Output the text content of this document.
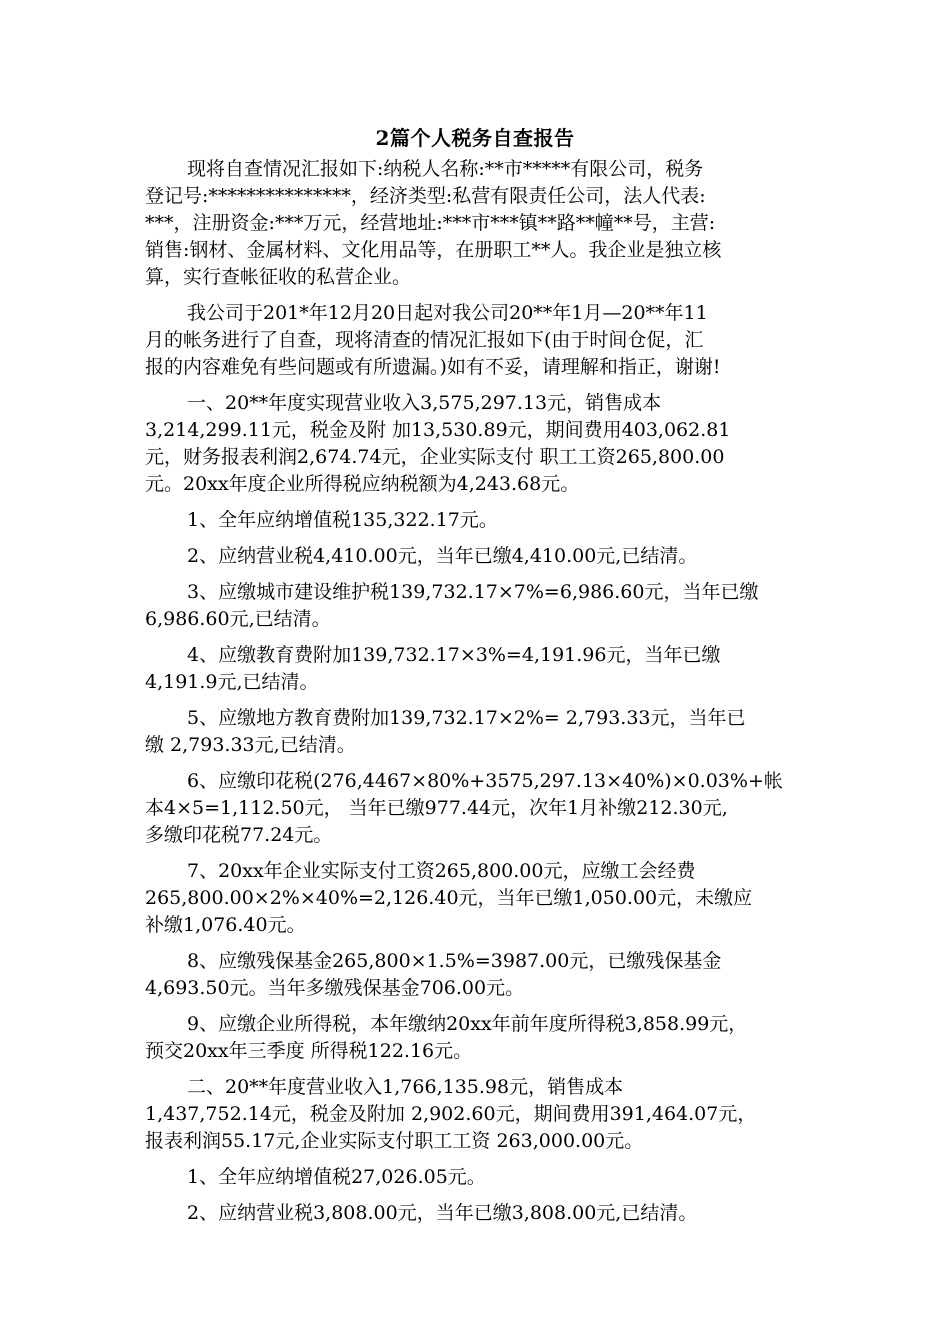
2篇个人税务自查报告
现将自查情况汇报如下:纳税人名称:**市*****有限公司，税务
登记号:***************，经济类型:私营有限责任公司，法人代表:
***，注册资金:***万元，经营地址:***市***镇**路**幢**号，主营:
销售:钢材、金属材料、文化用品等，在册职工**人。我企业是独立核
算，实行查帐征收的私营企业。
我公司于201*年12月20日起对我公司20**年1月—20**年11
月的帐务进行了自查，现将清查的情况汇报如下(由于时间仓促，汇
报的内容难免有些问题或有所遗漏。)如有不妥，请理解和指正，谢谢!
一、20**年度实现营业收入3,575,297.13元，销售成本
3,214,299.11元，税金及附 加13,530.89元，期间费用403,062.81
元，财务报表利润2,674.74元，企业实际支付 职工工资265,800.00
元。20xx年度企业所得税应纳税额为4,243.68元。
1、全年应纳增值税135,322.17元。
2、应纳营业税4,410.00元，当年已缴4,410.00元,已结清。
3、应缴城市建设维护税139,732.17×7%=6,986.60元，当年已缴
6,986.60元,已结清。
4、应缴教育费附加139,732.17×3%=4,191.96元，当年已缴
4,191.9元,已结清。
5、应缴地方教育费附加139,732.17×2%= 2,793.33元，当年已
缴 2,793.33元,已结清。
6、应缴印花税(276,4467×80%+3575,297.13×40%)×0.03%+帐
本4×5=1,112.50元， 当年已缴977.44元，次年1月补缴212.30元,
多缴印花税77.24元。
7、20xx年企业实际支付工资265,800.00元，应缴工会经费
265,800.00×2%×40%=2,126.40元，当年已缴1,050.00元，未缴应
补缴1,076.40元。
8、应缴残保基金265,800×1.5%=3987.00元，已缴残保基金
4,693.50元。当年多缴残保基金706.00元。
9、应缴企业所得税，本年缴纳20xx年前年度所得税3,858.99元，
预交20xx年三季度 所得税122.16元。
二、20**年度营业收入1,766,135.98元，销售成本
1,437,752.14元，税金及附加 2,902.60元，期间费用391,464.07元，
报表利润55.17元,企业实际支付职工工资 263,000.00元。
1、全年应纳增值税27,026.05元。
2、应纳营业税3,808.00元，当年已缴3,808.00元,已结清。
